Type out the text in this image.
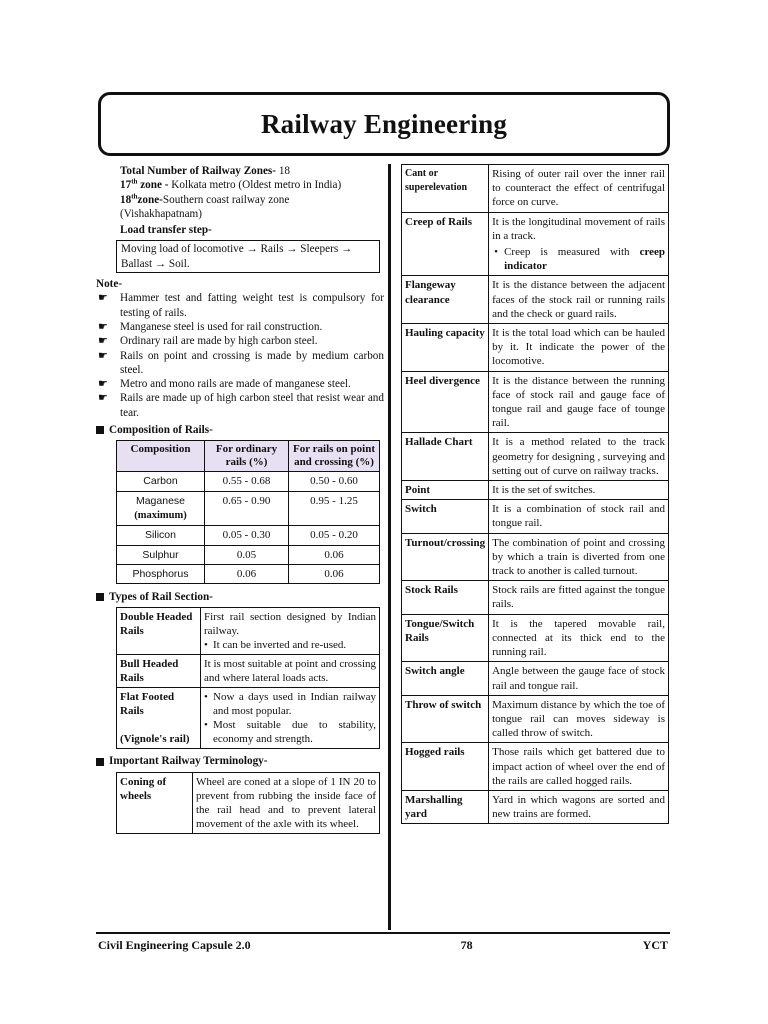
Railway Engineering
Total Number of Railway Zones- 18
17th zone - Kolkata metro (Oldest metro in India)
18thzone-Southern coast railway zone
(Vishakhapatnam)
Load transfer step-
Moving load of locomotive → Rails → Sleepers → Ballast → Soil.
Note-
☛ Hammer test and fatting weight test is compulsory for testing of rails.
☛ Manganese steel is used for rail construction.
☛ Ordinary rail are made by high carbon steel.
☛ Rails on point and crossing is made by medium carbon steel.
☛ Metro and mono rails are made of manganese steel.
☛ Rails are made up of high carbon steel that resist wear and tear.
Composition of Rails-
Composition	For ordinary rails (%)	For rails on point and crossing (%)
Carbon	0.55 - 0.68	0.50 - 0.60
Maganese
(maximum)	0.65 - 0.90	0.95 - 1.25
Silicon	0.05 - 0.30	0.05 - 0.20
Sulphur	0.05	0.06
Phosphorus	0.06	0.06
Types of Rail Section-
Double Headed Rails	First rail section designed by Indian railway.
• It can be inverted and re-used.

Bull Headed Rails	It is most suitable at point and crossing and where lateral loads acts.
Flat Footed Rails

(Vignole's rail)	• Now a days used in Indian railway and most popular.
• Most suitable due to stability, economy and strength.
Important Railway Terminology-
Coning of wheels	Wheel are coned at a slope of 1 IN 20 to prevent from rubbing the inside face of the rail head and to prevent lateral movement of the axle with its wheel.
Cant or superelevation	Rising of outer rail over the inner rail to counteract the effect of centrifugal force on curve.
Creep of Rails	It is the longitudinal movement of rails in a track.
• Creep is measured with creep indicator

Flangeway clearance	It is the distance between the adjacent faces of the stock rail or running rails and the check or guard rails.
Hauling capacity	It is the total load which can be hauled by it. It indicate the power of the locomotive.
Heel divergence	It is the distance between the running face of stock rail and gauge face of tongue rail and gauge face of tounge rail.
Hallade Chart	It is a method related to the track geometry for designing , surveying and setting out of curve on railway tracks.
Point	It is the set of switches.
Switch	It is a combination of stock rail and tongue rail.
Turnout/crossing	The combination of point and crossing by which a train is diverted from one track to another is called turnout.
Stock Rails	Stock rails are fitted against the tongue rails.
Tongue/Switch Rails	It is the tapered movable rail, connected at its thick end to the running rail.
Switch angle	Angle between the gauge face of stock rail and tongue rail.
Throw of switch	Maximum distance by which the toe of tongue rail can moves sideway is called throw of switch.
Hogged rails	Those rails which get battered due to impact action of wheel over the end of the rails are called hogged rails.
Marshalling yard	Yard in which wagons are sorted and new trains are formed.
Civil Engineering Capsule 2.0	78	YCT
